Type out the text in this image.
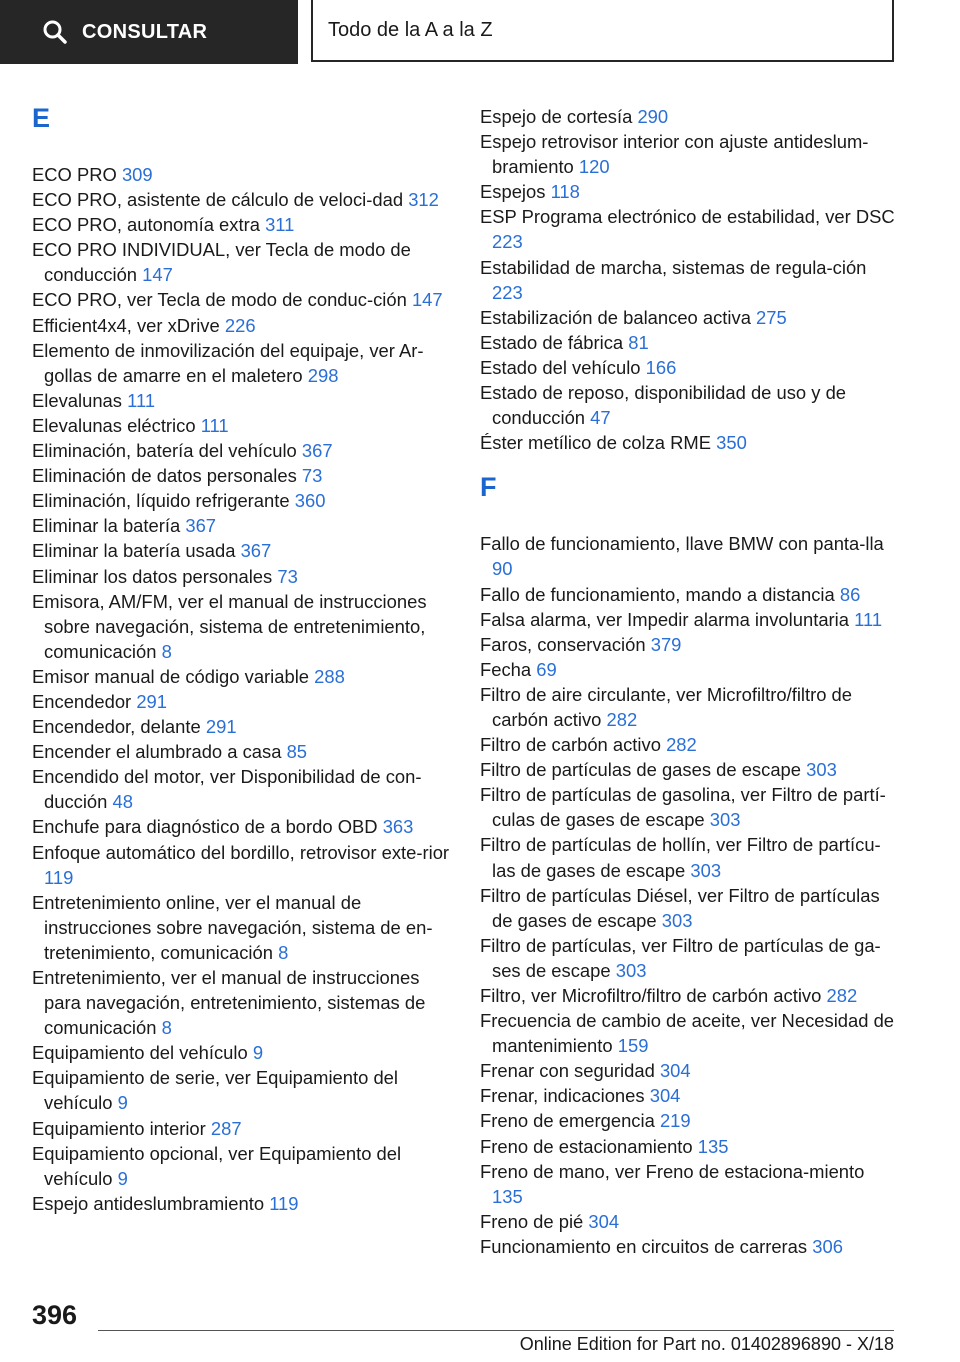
CONSULTAR	Todo de la A a la Z
E
ECO PRO 309
ECO PRO, asistente de cálculo de veloci-dad 312
ECO PRO, autonomía extra 311
ECO PRO INDIVIDUAL, ver Tecla de modo de conducción 147
ECO PRO, ver Tecla de modo de conduc-ción 147
Efficient4x4, ver xDrive 226
Elemento de inmovilización del equipaje, ver Ar-gollas de amarre en el maletero 298
Elevalunas 111
Elevalunas eléctrico 111
Eliminación, batería del vehículo 367
Eliminación de datos personales 73
Eliminación, líquido refrigerante 360
Eliminar la batería 367
Eliminar la batería usada 367
Eliminar los datos personales 73
Emisora, AM/FM, ver el manual de instrucciones sobre navegación, sistema de entretenimiento, comunicación 8
Emisor manual de código variable 288
Encendedor 291
Encendedor, delante 291
Encender el alumbrado a casa 85
Encendido del motor, ver Disponibilidad de con-ducción 48
Enchufe para diagnóstico de a bordo OBD 363
Enfoque automático del bordillo, retrovisor exte-rior 119
Entretenimiento online, ver el manual de instrucciones sobre navegación, sistema de en-tretenimiento, comunicación 8
Entretenimiento, ver el manual de instrucciones para navegación, entretenimiento, sistemas de comunicación 8
Equipamiento del vehículo 9
Equipamiento de serie, ver Equipamiento del vehículo 9
Equipamiento interior 287
Equipamiento opcional, ver Equipamiento del vehículo 9
Espejo antideslumbramiento 119
Espejo de cortesía 290
Espejo retrovisor interior con ajuste antideslum-bramiento 120
Espejos 118
ESP Programa electrónico de estabilidad, ver DSC 223
Estabilidad de marcha, sistemas de regula-ción 223
Estabilización de balanceo activa 275
Estado de fábrica 81
Estado del vehículo 166
Estado de reposo, disponibilidad de uso y de conducción 47
Éster metílico de colza RME 350
F
Fallo de funcionamiento, llave BMW con panta-lla 90
Fallo de funcionamiento, mando a distancia 86
Falsa alarma, ver Impedir alarma involuntaria 111
Faros, conservación 379
Fecha 69
Filtro de aire circulante, ver Microfiltro/filtro de carbón activo 282
Filtro de carbón activo 282
Filtro de partículas de gases de escape 303
Filtro de partículas de gasolina, ver Filtro de partí-culas de gases de escape 303
Filtro de partículas de hollín, ver Filtro de partícu-las de gases de escape 303
Filtro de partículas Diésel, ver Filtro de partículas de gases de escape 303
Filtro de partículas, ver Filtro de partículas de ga-ses de escape 303
Filtro, ver Microfiltro/filtro de carbón activo 282
Frecuencia de cambio de aceite, ver Necesidad de mantenimiento 159
Frenar con seguridad 304
Frenar, indicaciones 304
Freno de emergencia 219
Freno de estacionamiento 135
Freno de mano, ver Freno de estaciona-miento 135
Freno de pié 304
Funcionamiento en circuitos de carreras 306
396
Online Edition for Part no. 01402896890 - X/18
